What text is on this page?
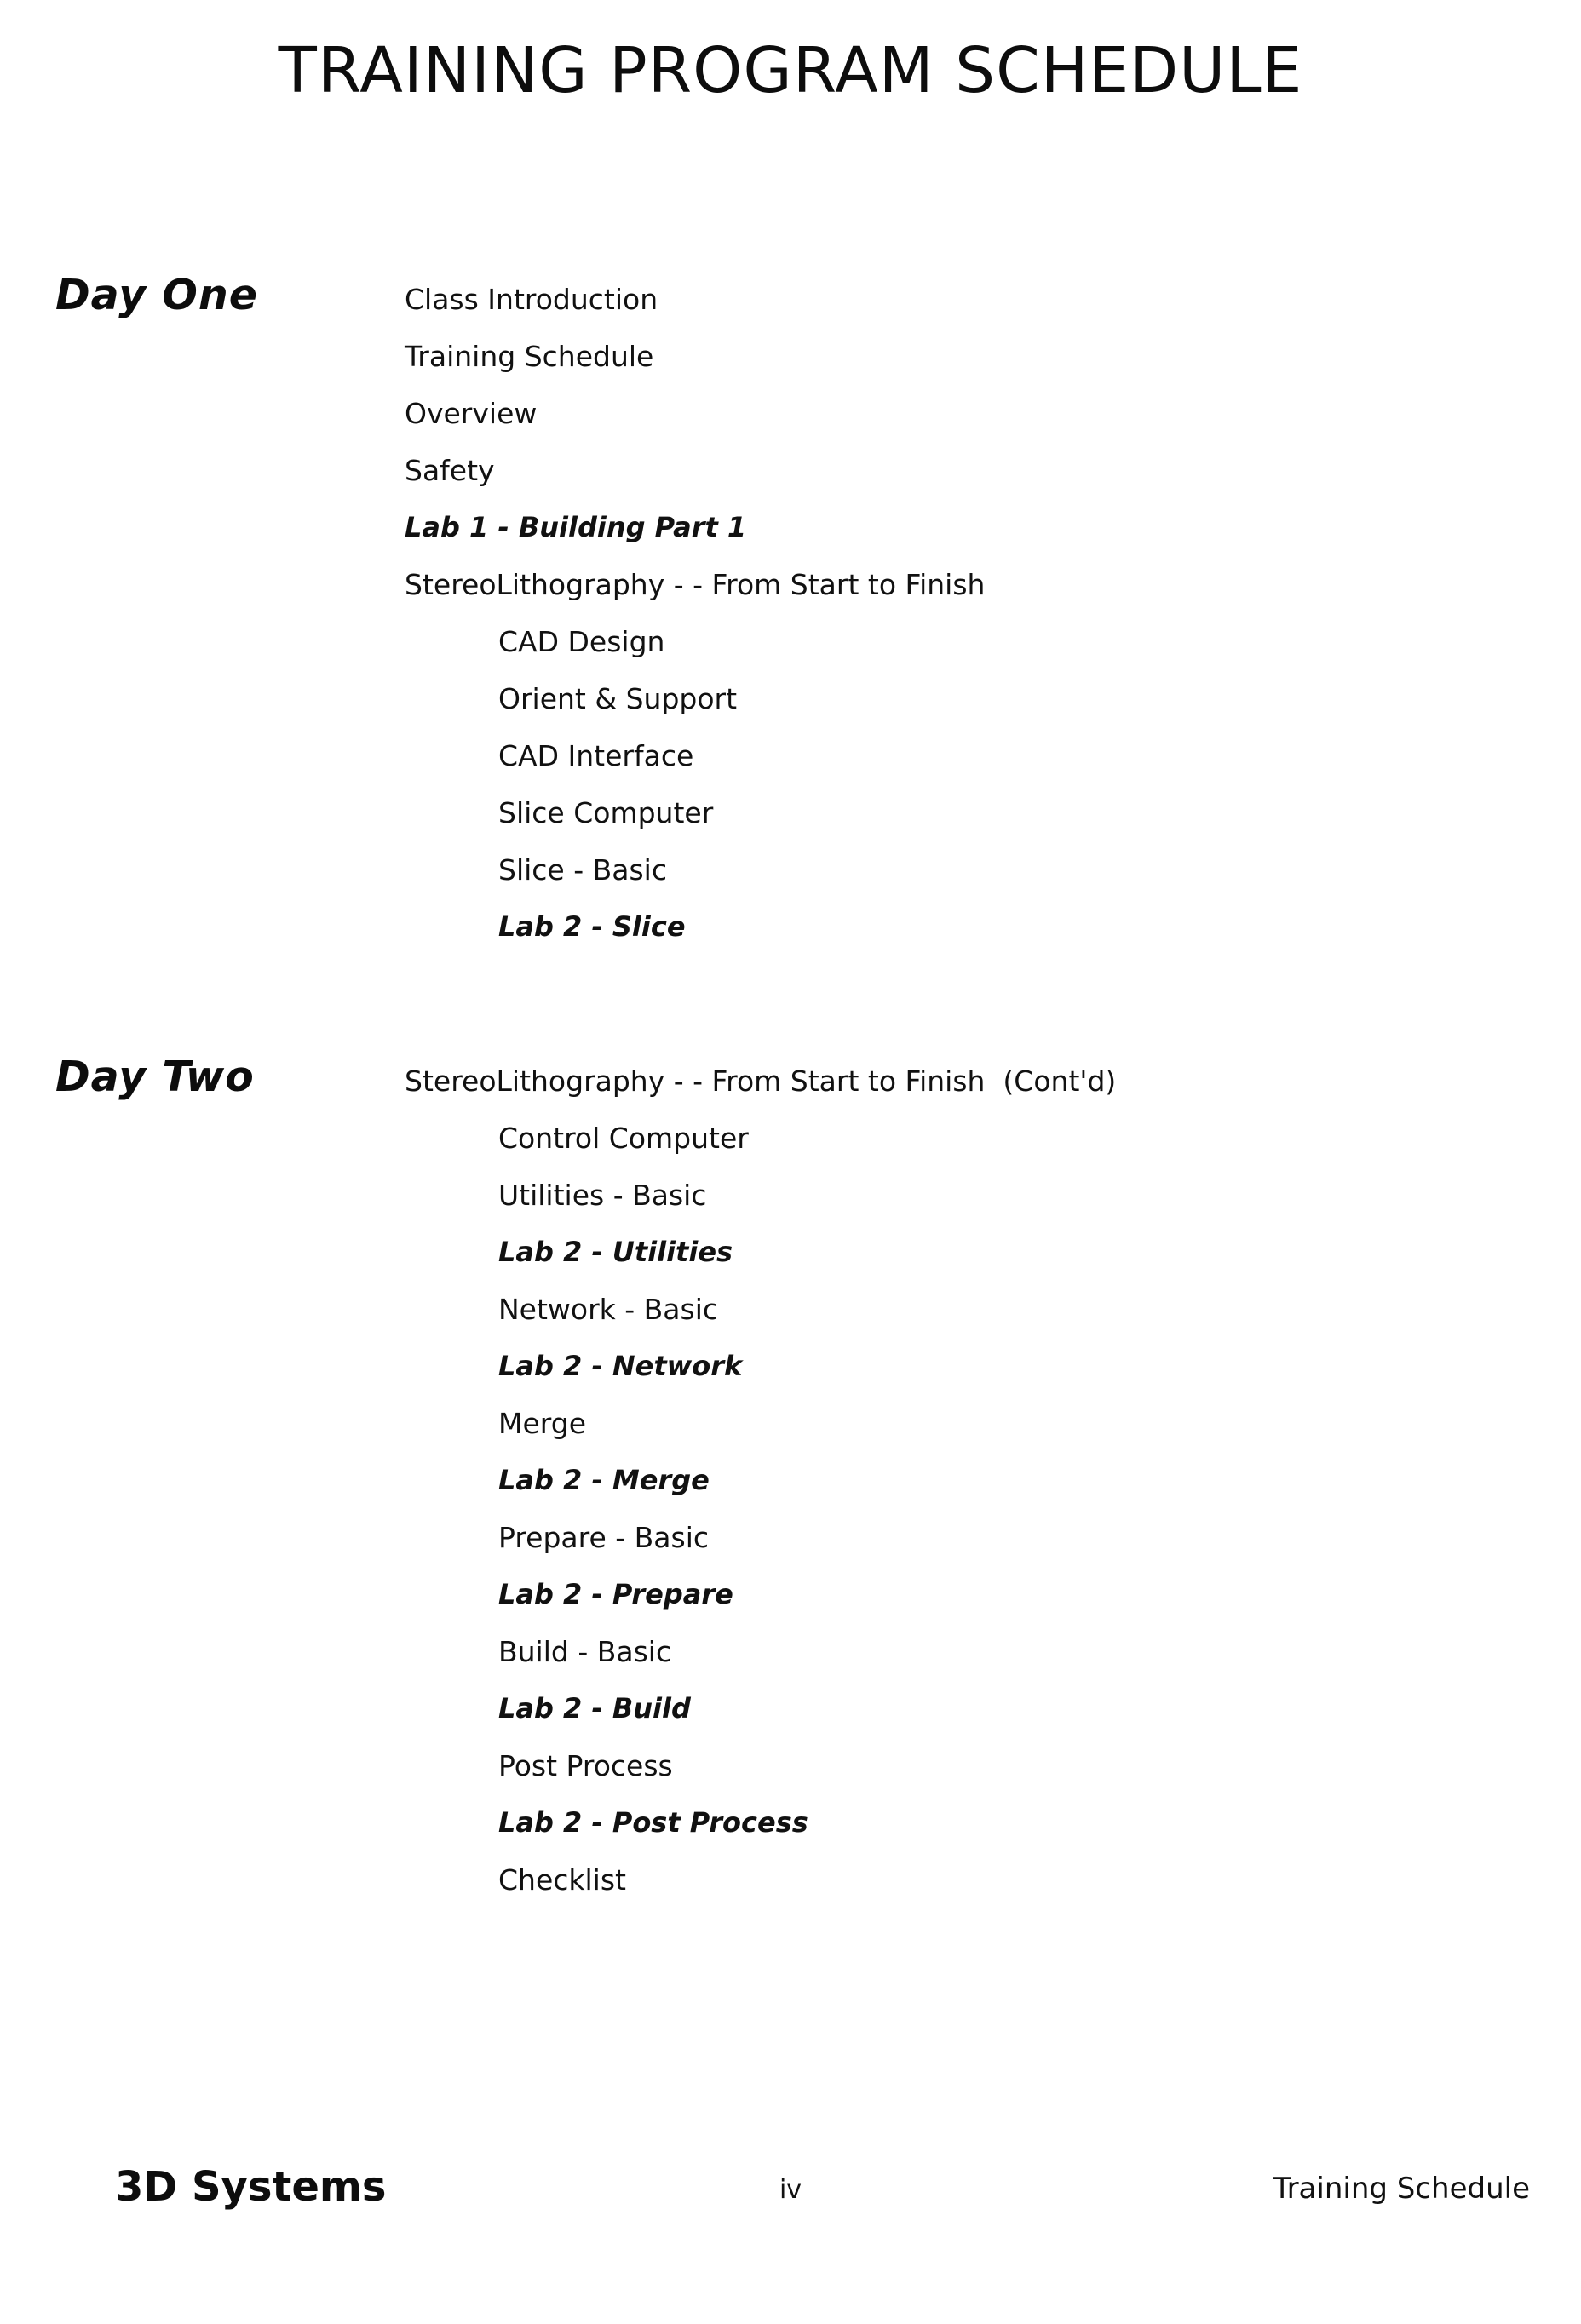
TRAINING PROGRAM SCHEDULE
Day One	Class Introduction
Training Schedule
Overview
Safety
Lab 1 - Building Part 1
StereoLithography - - From Start to Finish
CAD Design
Orient & Support
CAD Interface
Slice Computer
Slice - Basic
Lab 2 - Slice
Day Two	StereoLithography - - From Start to Finish  (Cont'd)
Control Computer
Utilities - Basic
Lab 2 - Utilities
Network - Basic
Lab 2 - Network
Merge
Lab 2 - Merge
Prepare - Basic
Lab 2 - Prepare
Build - Basic
Lab 2 - Build
Post Process
Lab 2 - Post Process
Checklist
3D Systems	iv	Training Schedule
